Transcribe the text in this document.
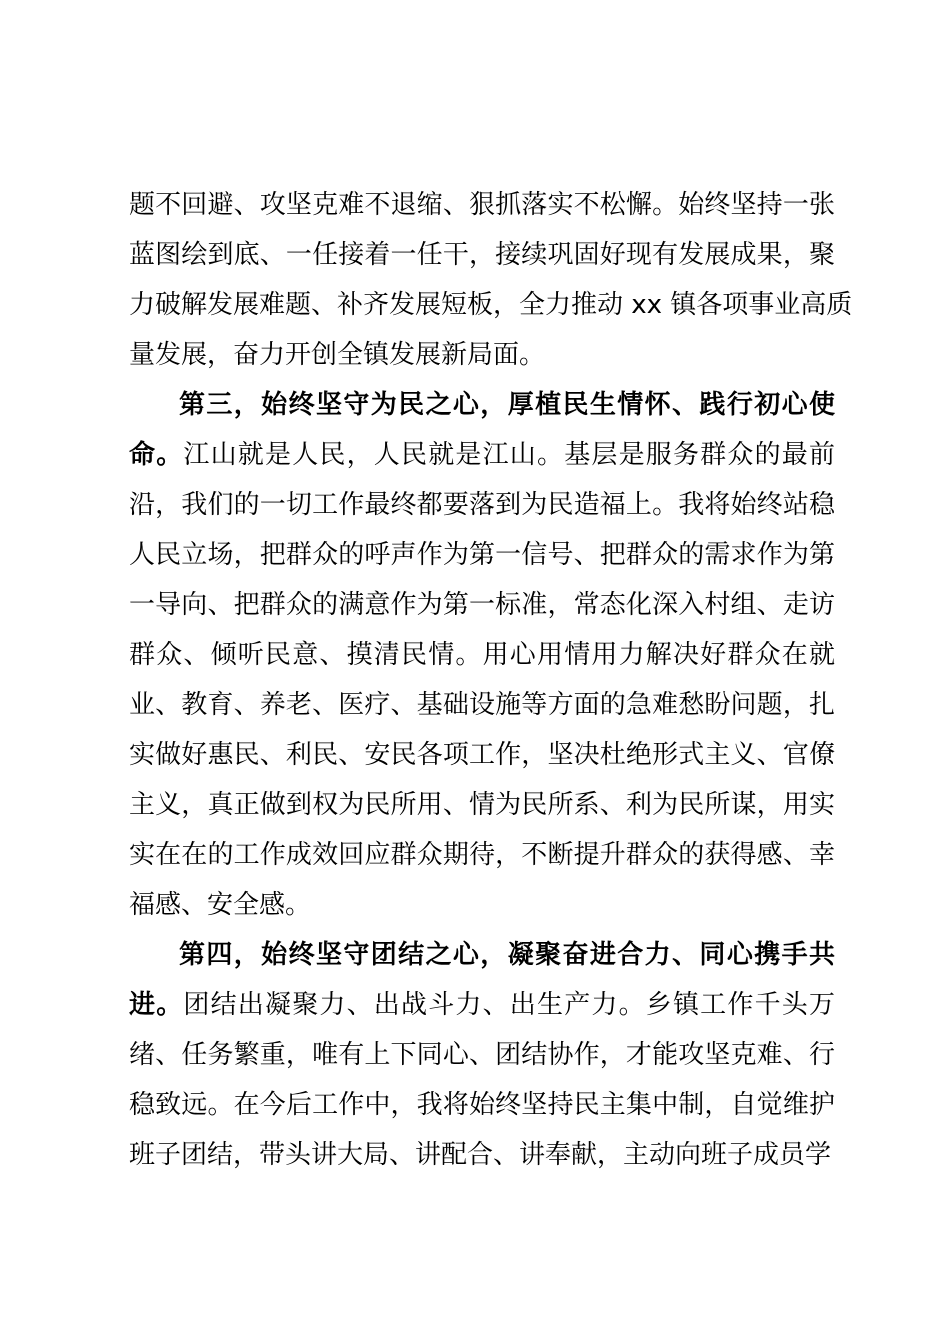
题不回避、攻坚克难不退缩、狠抓落实不松懈。始终坚持一张
蓝图绘到底、一任接着一任干，接续巩固好现有发展成果，聚
力破解发展难题、补齐发展短板，全力推动 xx 镇各项事业高质
量发展，奋力开创全镇发展新局面。
第三，始终坚守为民之心，厚植民生情怀、践行初心使
命。江山就是人民，人民就是江山。基层是服务群众的最前
沿，我们的一切工作最终都要落到为民造福上。我将始终站稳
人民立场，把群众的呼声作为第一信号、把群众的需求作为第
一导向、把群众的满意作为第一标准，常态化深入村组、走访
群众、倾听民意、摸清民情。用心用情用力解决好群众在就
业、教育、养老、医疗、基础设施等方面的急难愁盼问题，扎
实做好惠民、利民、安民各项工作，坚决杜绝形式主义、官僚
主义，真正做到权为民所用、情为民所系、利为民所谋，用实
实在在的工作成效回应群众期待，不断提升群众的获得感、幸
福感、安全感。
第四，始终坚守团结之心，凝聚奋进合力、同心携手共
进。团结出凝聚力、出战斗力、出生产力。乡镇工作千头万
绪、任务繁重，唯有上下同心、团结协作，才能攻坚克难、行
稳致远。在今后工作中，我将始终坚持民主集中制，自觉维护
班子团结，带头讲大局、讲配合、讲奉献，主动向班子成员学
